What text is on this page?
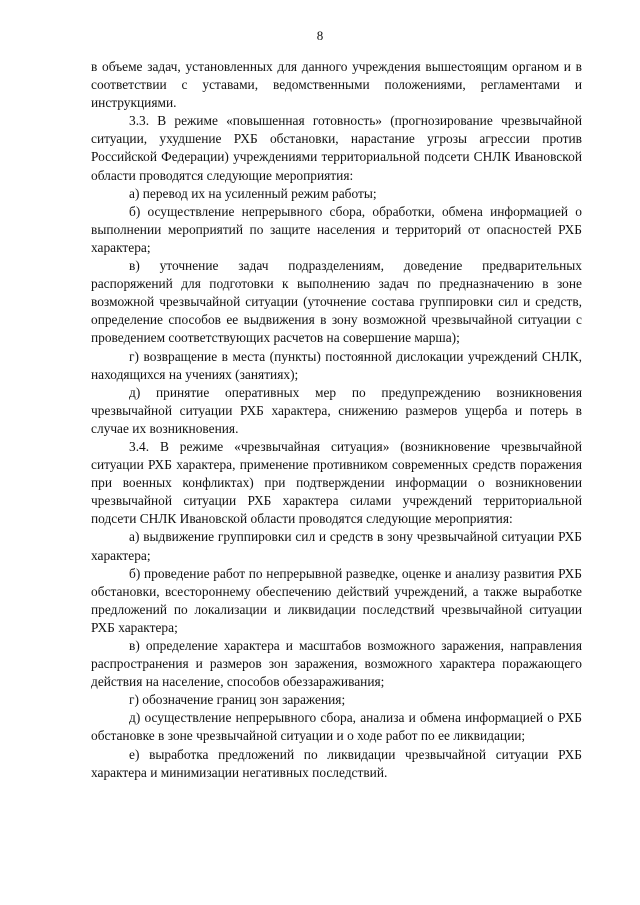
8

в объеме задач, установленных для данного учреждения вышестоящим органом и в соответствии с уставами, ведомственными положениями, регламентами и инструкциями.

3.3. В режиме «повышенная готовность» (прогнозирование чрезвычайной ситуации, ухудшение РХБ обстановки, нарастание угрозы агрессии против Российской Федерации) учреждениями территориальной подсети СНЛК Ивановской области проводятся следующие мероприятия:

а) перевод их на усиленный режим работы;

б) осуществление непрерывного сбора, обработки, обмена информацией о выполнении мероприятий по защите населения и территорий от опасностей РХБ характера;

в) уточнение задач подразделениям, доведение предварительных распоряжений для подготовки к выполнению задач по предназначению в зоне возможной чрезвычайной ситуации (уточнение состава группировки сил и средств, определение способов ее выдвижения в зону возможной чрезвычайной ситуации с проведением соответствующих расчетов на совершение марша);

г) возвращение в места (пункты) постоянной дислокации учреждений СНЛК, находящихся на учениях (занятиях);

д) принятие оперативных мер по предупреждению возникновения чрезвычайной ситуации РХБ характера, снижению размеров ущерба и потерь в случае их возникновения.

3.4. В режиме «чрезвычайная ситуация» (возникновение чрезвычайной ситуации РХБ характера, применение противником современных средств поражения при военных конфликтах) при подтверждении информации о возникновении чрезвычайной ситуации РХБ характера силами учреждений территориальной подсети СНЛК Ивановской области проводятся следующие мероприятия:

а) выдвижение группировки сил и средств в зону чрезвычайной ситуации РХБ характера;

б) проведение работ по непрерывной разведке, оценке и анализу развития РХБ обстановки, всестороннему обеспечению действий учреждений, а также выработке предложений по локализации и ликвидации последствий чрезвычайной ситуации РХБ характера;

в) определение характера и масштабов возможного заражения, направления распространения и размеров зон заражения, возможного характера поражающего действия на население, способов обеззараживания;

г) обозначение границ зон заражения;

д) осуществление непрерывного сбора, анализа и обмена информацией о РХБ обстановке в зоне чрезвычайной ситуации и о ходе работ по ее ликвидации;

е) выработка предложений по ликвидации чрезвычайной ситуации РХБ характера и минимизации негативных последствий.
